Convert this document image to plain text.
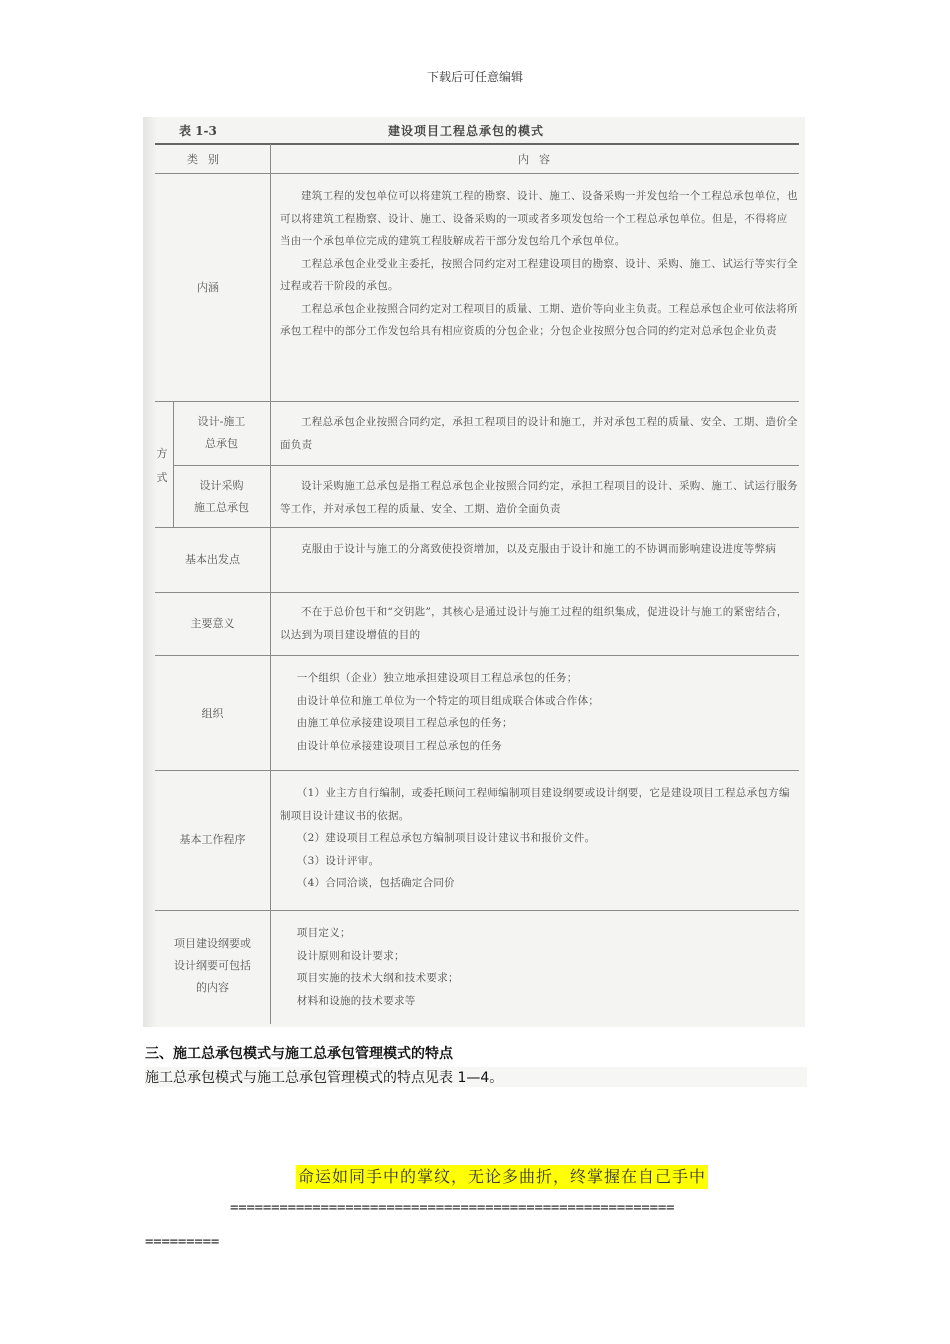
下载后可任意编辑
表 1-3	建设项目工程总承包的模式
类别	内容
内涵

建筑工程的发包单位可以将建筑工程的勘察、设计、施工、设备采购一并发包给一个工程总承包单位，也可以将建筑工程勘察、设计、施工、设备采购的一项或者多项发包给一个工程总承包单位。但是，不得将应当由一个承包单位完成的建筑工程肢解成若干部分发包给几个承包单位。

工程总承包企业受业主委托，按照合同约定对工程建设项目的勘察、设计、采购、施工、试运行等实行全过程或若干阶段的承包。

工程总承包企业按照合同约定对工程项目的质量、工期、造价等向业主负责。工程总承包企业可依法将所承包工程中的部分工作发包给具有相应资质的分包企业；分包企业按照分包合同的约定对总承包企业负责

方式
设计-施工
总承包

工程总承包企业按照合同约定，承担工程项目的设计和施工，并对承包工程的质量、安全、工期、造价全面负责

设计采购
施工总承包

设计采购施工总承包是指工程总承包企业按照合同约定，承担工程项目的设计、采购、施工、试运行服务等工作，并对承包工程的质量、安全、工期、造价全面负责

基本出发点

克服由于设计与施工的分离致使投资增加，以及克服由于设计和施工的不协调而影响建设进度等弊病

主要意义

不在于总价包干和“交钥匙”，其核心是通过设计与施工过程的组织集成，促进设计与施工的紧密结合，以达到为项目建设增值的目的

组织

一个组织（企业）独立地承担建设项目工程总承包的任务；

由设计单位和施工单位为一个特定的项目组成联合体或合作体；

由施工单位承接建设项目工程总承包的任务；

由设计单位承接建设项目工程总承包的任务

基本工作程序

（1）业主方自行编制，或委托顾问工程师编制项目建设纲要或设计纲要，它是建设项目工程总承包方编制项目设计建议书的依据。

（2）建设项目工程总承包方编制项目设计建议书和报价文件。

（3）设计评审。

（4）合同洽谈，包括确定合同价

项目建设纲要或
设计纲要可包括
的内容

项目定义；

设计原则和设计要求；

项目实施的技术大纲和技术要求；

材料和设施的技术要求等

三、施工总承包模式与施工总承包管理模式的特点
施工总承包模式与施工总承包管理模式的特点见表 1—4。
命运如同手中的掌纹，无论多曲折，终掌握在自己手中
======================================================
=========
